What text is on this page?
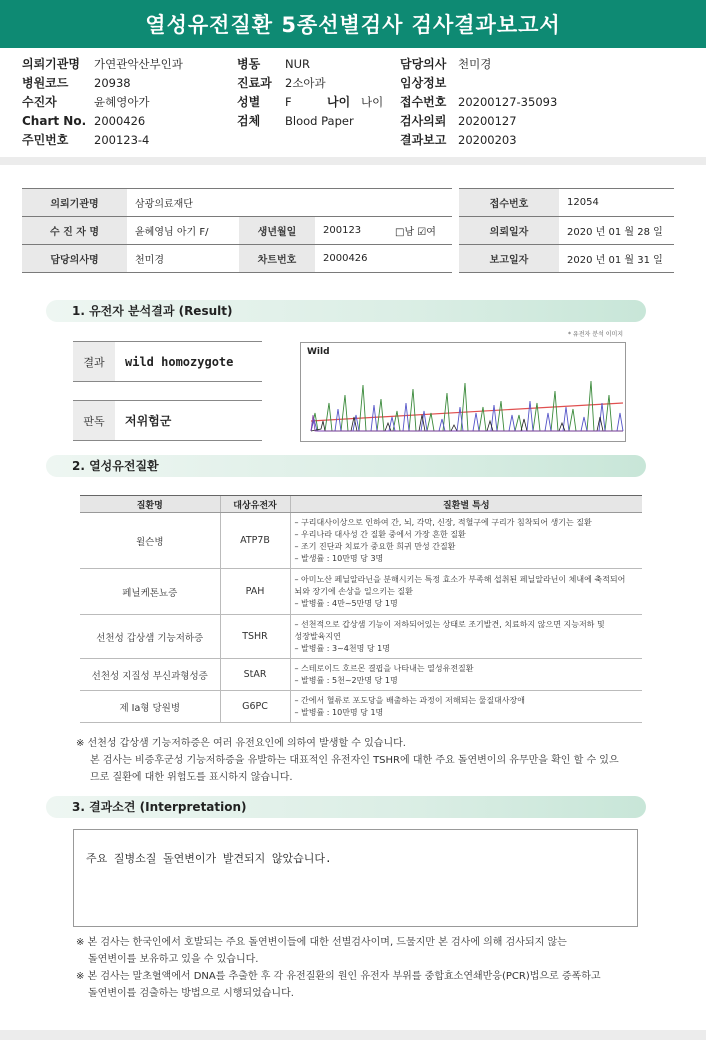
열성유전질환 5종선별검사 검사결과보고서
의뢰기관명 가연관악산부인과
병원코드 20938
수진자	윤혜영아가
Chart No. 2000426
주민번호 200123-4
병동 NUR
진료과 2소아과
성별 F	나이 나이
검체 Blood Paper
담당의사 천미경
임상정보
접수번호 20200127-35093
검사의뢰 20200127
결과보고 20200203
의뢰기관명	삼광의료재단			
수 진 자 명	윤혜영님 아기 F/	생년월일	200123	□남 ☑여
담당의사명	천미경	차트번호	2000426	
접수번호	12054
의뢰일자	2020 년 01 월 28 일
보고일자	2020 년 01 월 31 일
1. 유전자 분석결과 (Result)
결과	wild homozygote
판독	저위험군
* 유전자 분석 이미지
Wild
2. 열성유전질환
질환명	대상유전자	질환별 특성
윌슨병	ATP7B	– 구리대사이상으로 인하여 간, 뇌, 각막, 신장, 적혈구에 구리가 침착되어 생기는 질환
– 우리나라 대사성 간 질환 중에서 가장 흔한 질환
– 조기 진단과 치료가 중요한 희귀 만성 간질환
– 발생률 : 10만명 당 3명

페닐케톤뇨증	PAH	– 아미노산 페닐알라닌을 분해시키는 특정 효소가 부족해 섭취된 페닐알라닌이 체내에 축적되어
뇌와 장기에 손상을 일으키는 질환
– 발병률 : 4만~5만명 당 1명

선천성 갑상샘 기능저하증	TSHR	– 선천적으로 갑상샘 기능이 저하되어있는 상태로 조기발견, 치료하지 않으면 지능저하 및
성장발육지연
– 발병률 : 3~4천명 당 1명

선천성 지질성 부신과형성증	StAR	– 스테로이드 호르몬 결핍을 나타내는 열성유전질환
– 발병률 : 5천~2만명 당 1명

제 Ia형 당원병	G6PC	– 간에서 혈류로 포도당을 배출하는 과정이 저해되는 물질대사장애
– 발병률 : 10만명 당 1명
※ 선천성 갑상샘 기능저하증은 여러 유전요인에 의하여 발생할 수 있습니다.
본 검사는 비증후군성 기능저하증을 유발하는 대표적인 유전자인 TSHR에 대한 주요 돌연변이의 유무만을 확인 할 수 있으
므로 질환에 대한 위험도를 표시하지 않습니다.
3. 결과소견 (Interpretation)
주요 질병소질 돌연변이가 발견되지 않았습니다.
※ 본 검사는 한국인에서 호발되는 주요 돌연변이들에 대한 선별검사이며, 드물지만 본 검사에 의해 검사되지 않는
돌연변이를 보유하고 있을 수 있습니다.
※ 본 검사는 말초혈액에서 DNA를 추출한 후 각 유전질환의 원인 유전자 부위를 중합효소연쇄반응(PCR)법으로 증폭하고
돌연변이를 검출하는 방법으로 시행되었습니다.
